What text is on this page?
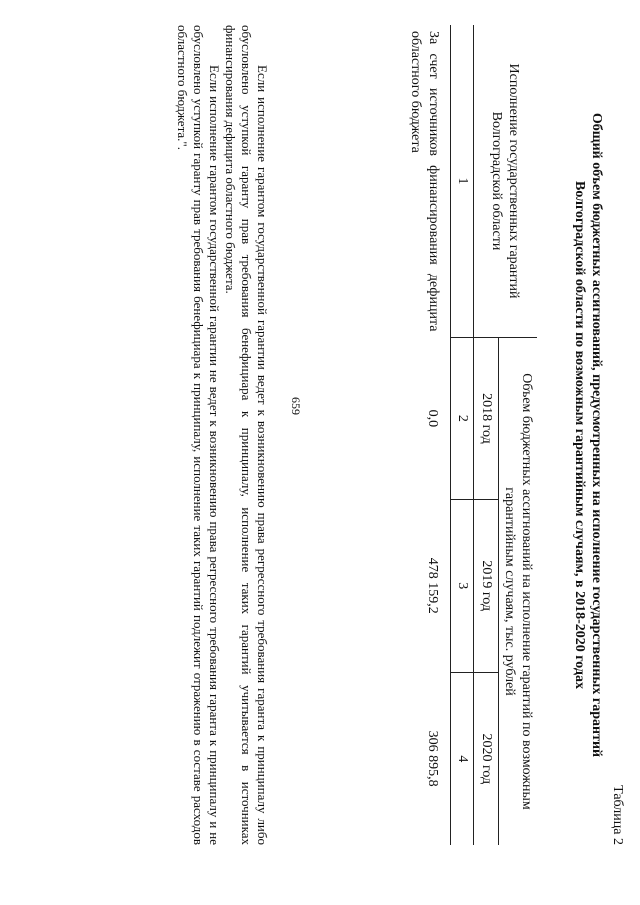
659
Таблица 2
Общий объем бюджетных ассигнований, предусмотренных на исполнение государственных гарантий Волгоградской области по возможным гарантийным случаям, в 2018-2020 годах
Исполнение государственных гарантий Волгоградской области	Объем бюджетных ассигнований на исполнение гарантий по возможным гарантийным случаям, тыс. рублей		
	2018 год	2019 год	2020 год
1	2	3	4
За счет источников финансирования дефицита областного бюджета	0,0	478 159,2	306 895,8

Если исполнение гарантом государственной гарантии ведет к возникновению права регрессного требования гаранта к принципалу либо обусловлено уступкой гаранту прав требования бенефициара к принципалу, исполнение таких гарантий учитывается в источниках финансирования дефицита областного бюджета.

Если исполнение гарантом государственной гарантии не ведет к возникновению права регрессного требования гаранта к принципалу и не обусловлено уступкой гаранту прав требования бенефициара к принципалу, исполнение таких гарантий подлежит отражению в составе расходов областного бюджета.".
